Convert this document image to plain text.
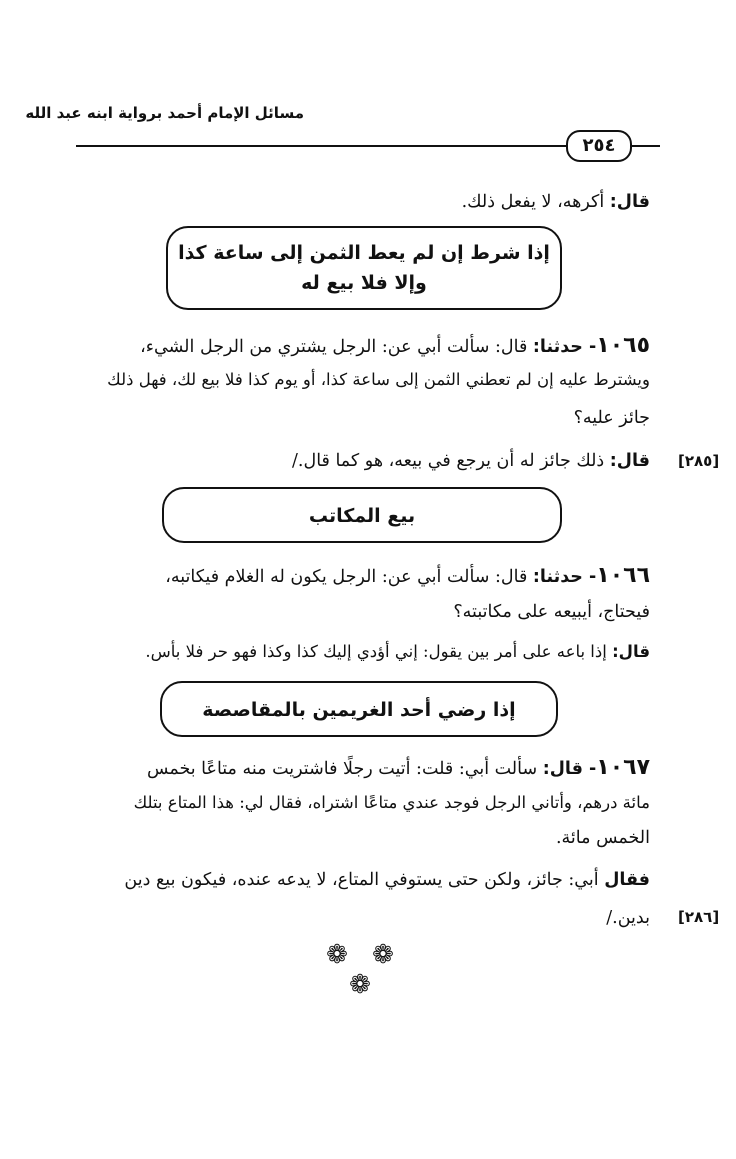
مسائل الإمام أحمد برواية ابنه عبد الله
٢٥٤
قال: أكرهه، لا يفعل ذلك.
إذا شرط إن لم يعط الثمن إلى ساعة كذا
وإلا فلا بيع له
١٠٦٥- حدثنا: قال: سألت أبي عن: الرجل يشتري من الرجل الشيء،
ويشترط عليه إن لم تعطني الثمن إلى ساعة كذا، أو يوم كذا فلا بيع لك، فهل ذلك
جائز عليه؟
قال: ذلك جائز له أن يرجع في بيعه، هو كما قال./	[٢٨٥]
بيع المكاتب
١٠٦٦- حدثنا: قال: سألت أبي عن: الرجل يكون له الغلام فيكاتبه،
فيحتاج، أيبيعه على مكاتبته؟
قال: إذا باعه على أمر بين يقول: إني أؤدي إليك كذا وكذا فهو حر فلا بأس.
إذا رضي أحد الغريمين بالمقاصصة
١٠٦٧- قال: سألت أبي: قلت: أتيت رجلًا فاشتريت منه متاعًا بخمس
مائة درهم، وأتاني الرجل فوجد عندي متاعًا اشتراه، فقال لي: هذا المتاع بتلك
الخمس مائة.
فقال أبي: جائز، ولكن حتى يستوفي المتاع، لا يدعه عنده، فيكون بيع دين
بدين./ [٢٨٦]
❁ ❁ ❁
